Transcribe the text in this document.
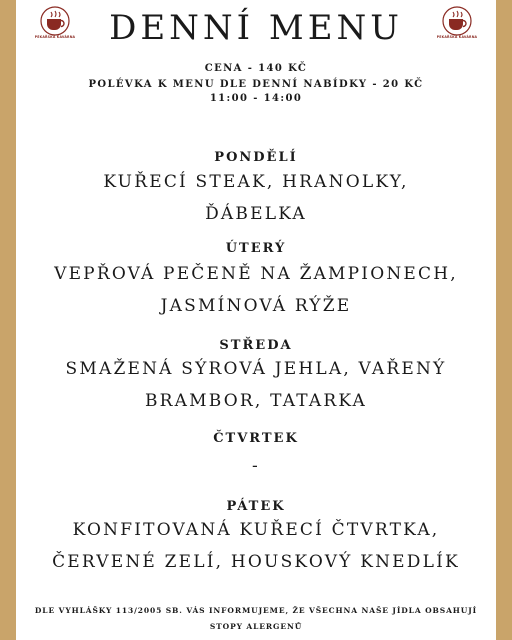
PEKAŘSKÁ KAVÁRNA DENNÍ MENU	PEKAŘSKÁ KAVÁRNA
CENA - 140 KČ
POLÉVKA K MENU DLE DENNÍ NABÍDKY - 20 KČ
11:00 - 14:00
PONDĚLÍ
KUŘECÍ STEAK, HRANOLKY,
ĎÁBELKA
ÚTERÝ
VEPŘOVÁ PEČENĚ NA ŽAMPIONECH,
JASMÍNOVÁ RÝŽE
STŘEDA
SMAŽENÁ SÝROVÁ JEHLA, VAŘENÝ
BRAMBOR, TATARKA
ČTVRTEK
-
PÁTEK
KONFITOVANÁ KUŘECÍ ČTVRTKA,
ČERVENÉ ZELÍ, HOUSKOVÝ KNEDLÍK
DLE VYHLÁŠKY 113/2005 SB. VÁS INFORMUJEME, ŽE VŠECHNA NAŠE JÍDLA OBSAHUJÍ
STOPY ALERGENŮ
